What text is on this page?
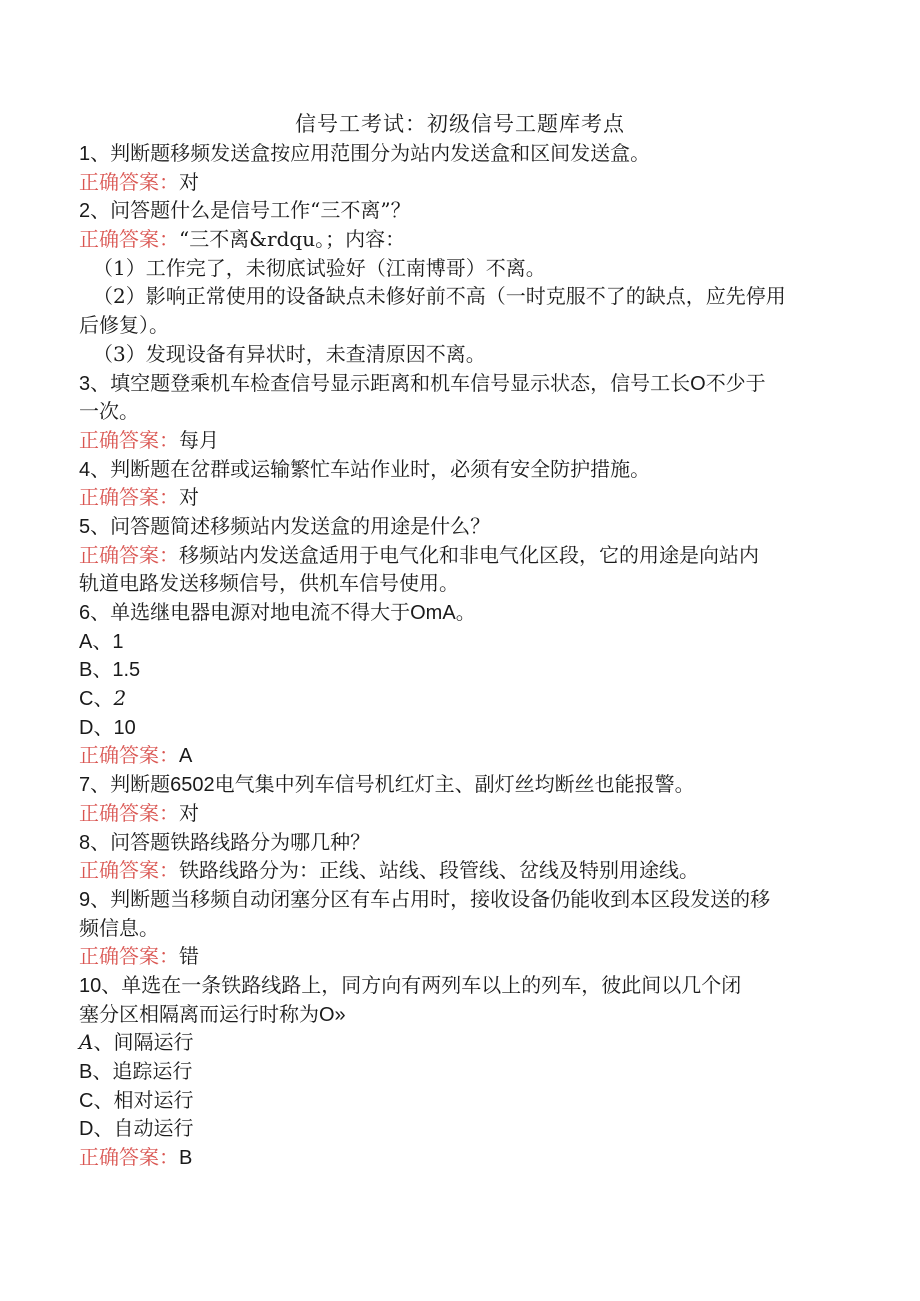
信号工考试：初级信号工题库考点
1、判断题移频发送盒按应用范围分为站内发送盒和区间发送盒。
正确答案：对
2、问答题什么是信号工作“三不离”？
正确答案：“三不离&rdqu。；内容：
（1）工作完了，未彻底试验好（江南博哥）不离。
（2）影响正常使用的设备缺点未修好前不高（一时克服不了的缺点，应先停用
后修复）。
（3）发现设备有异状时，未查清原因不离。
3、填空题登乘机车检查信号显示距离和机车信号显示状态，信号工长O不少于
一次。
正确答案：每月
4、判断题在岔群或运输繁忙车站作业时，必须有安全防护措施。
正确答案：对
5、问答题简述移频站内发送盒的用途是什么？
正确答案：移频站内发送盒适用于电气化和非电气化区段，它的用途是向站内
轨道电路发送移频信号，供机车信号使用。
6、单选继电器电源对地电流不得大于OmA。
A、1
B、1.5
C、2
D、10
正确答案：A
7、判断题6502电气集中列车信号机红灯主、副灯丝均断丝也能报警。
正确答案：对
8、问答题铁路线路分为哪几种？
正确答案：铁路线路分为：正线、站线、段管线、岔线及特别用途线。
9、判断题当移频自动闭塞分区有车占用时，接收设备仍能收到本区段发送的移
频信息。
正确答案：错
10、单选在一条铁路线路上，同方向有两列车以上的列车，彼此间以几个闭
塞分区相隔离而运行时称为O»
A、间隔运行
B、追踪运行
C、相对运行
D、自动运行
正确答案：B
